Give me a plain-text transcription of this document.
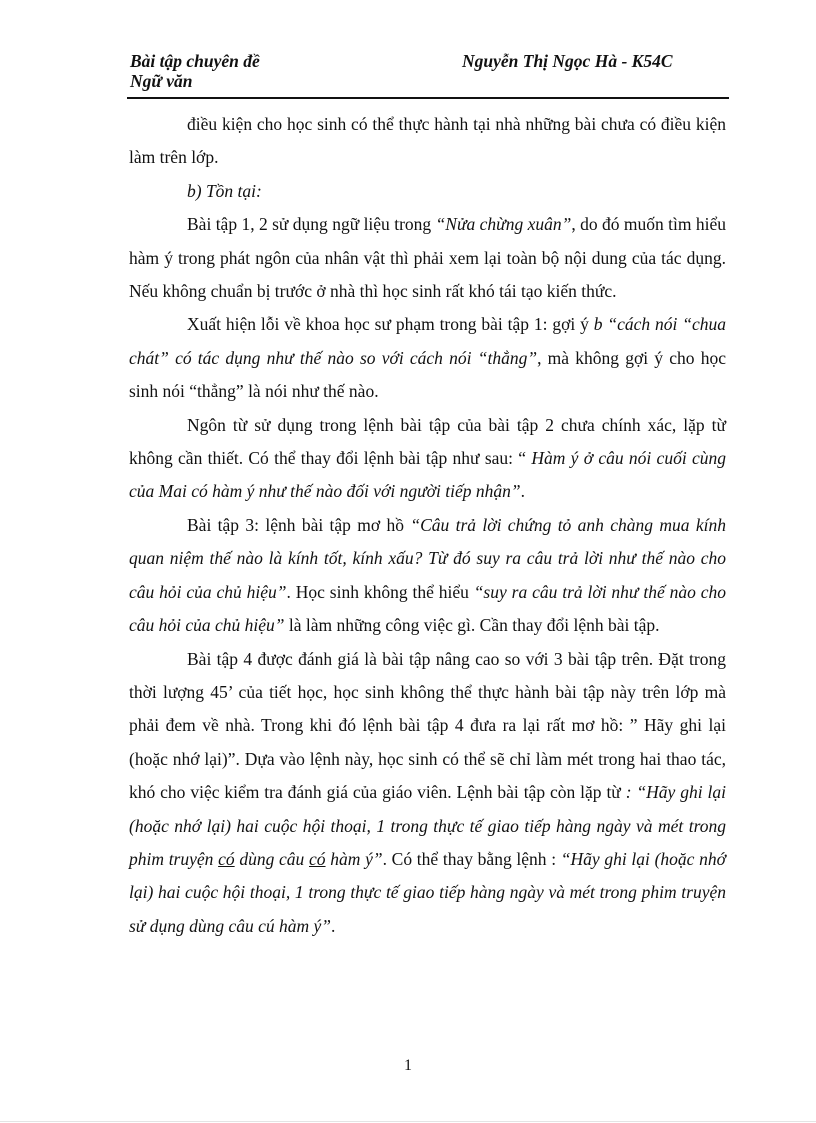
Bài tập chuyên đề
Ngữ văn
Nguyễn Thị Ngọc Hà - K54C

điều kiện cho học sinh có thể thực hành tại nhà những bài chưa có điều kiện làm trên lớp.

b) Tồn tại:

Bài tập 1, 2 sử dụng ngữ liệu trong “Nửa chừng xuân”, do đó muốn tìm hiểu hàm ý trong phát ngôn của nhân vật thì phải xem lại toàn bộ nội dung của tác dụng. Nếu không chuẩn bị trước ở nhà thì học sinh rất khó tái tạo kiến thức.

Xuất hiện lỗi về khoa học sư phạm trong bài tập 1: gợi ý b “cách nói “chua chát” có tác dụng như thế nào so với cách nói “thẳng”, mà không gợi ý cho học sinh nói “thẳng” là nói như thế nào.

Ngôn từ sử dụng trong lệnh bài tập của bài tập 2 chưa chính xác, lặp từ không cần thiết. Có thể thay đổi lệnh bài tập như sau: “ Hàm ý ở câu nói cuối cùng của Mai có hàm ý như thế nào đối với người tiếp nhận”.

Bài tập 3: lệnh bài tập mơ hồ “Câu trả lời chứng tỏ anh chàng mua kính quan niệm thế nào là kính tốt, kính xấu? Từ đó suy ra câu trả lời như thế nào cho câu hỏi của chủ hiệu”. Học sinh không thể hiểu “suy ra câu trả lời như thế nào cho câu hỏi của chủ hiệu” là làm những công việc gì. Cần thay đổi lệnh bài tập.

Bài tập 4 được đánh giá là bài tập nâng cao so với 3 bài tập trên. Đặt trong thời lượng 45’ của tiết học, học sinh không thể thực hành bài tập này trên lớp mà phải đem về nhà. Trong khi đó lệnh bài tập 4 đưa ra lại rất mơ hồ: ” Hãy ghi lại (hoặc nhớ lại)”. Dựa vào lệnh này, học sinh có thể sẽ chỉ làm mét trong hai thao tác, khó cho việc kiểm tra đánh giá của giáo viên. Lệnh bài tập còn lặp từ : “Hãy ghi lại (hoặc nhớ lại) hai cuộc hội thoại, 1 trong thực tế giao tiếp hàng ngày và mét trong phim truyện có dùng câu có hàm ý”. Có thể thay bằng lệnh : “Hãy ghi lại (hoặc nhớ lại) hai cuộc hội thoại, 1 trong thực tế giao tiếp hàng ngày và mét trong phim truyện sử dụng dùng câu cú hàm ý”.

1
